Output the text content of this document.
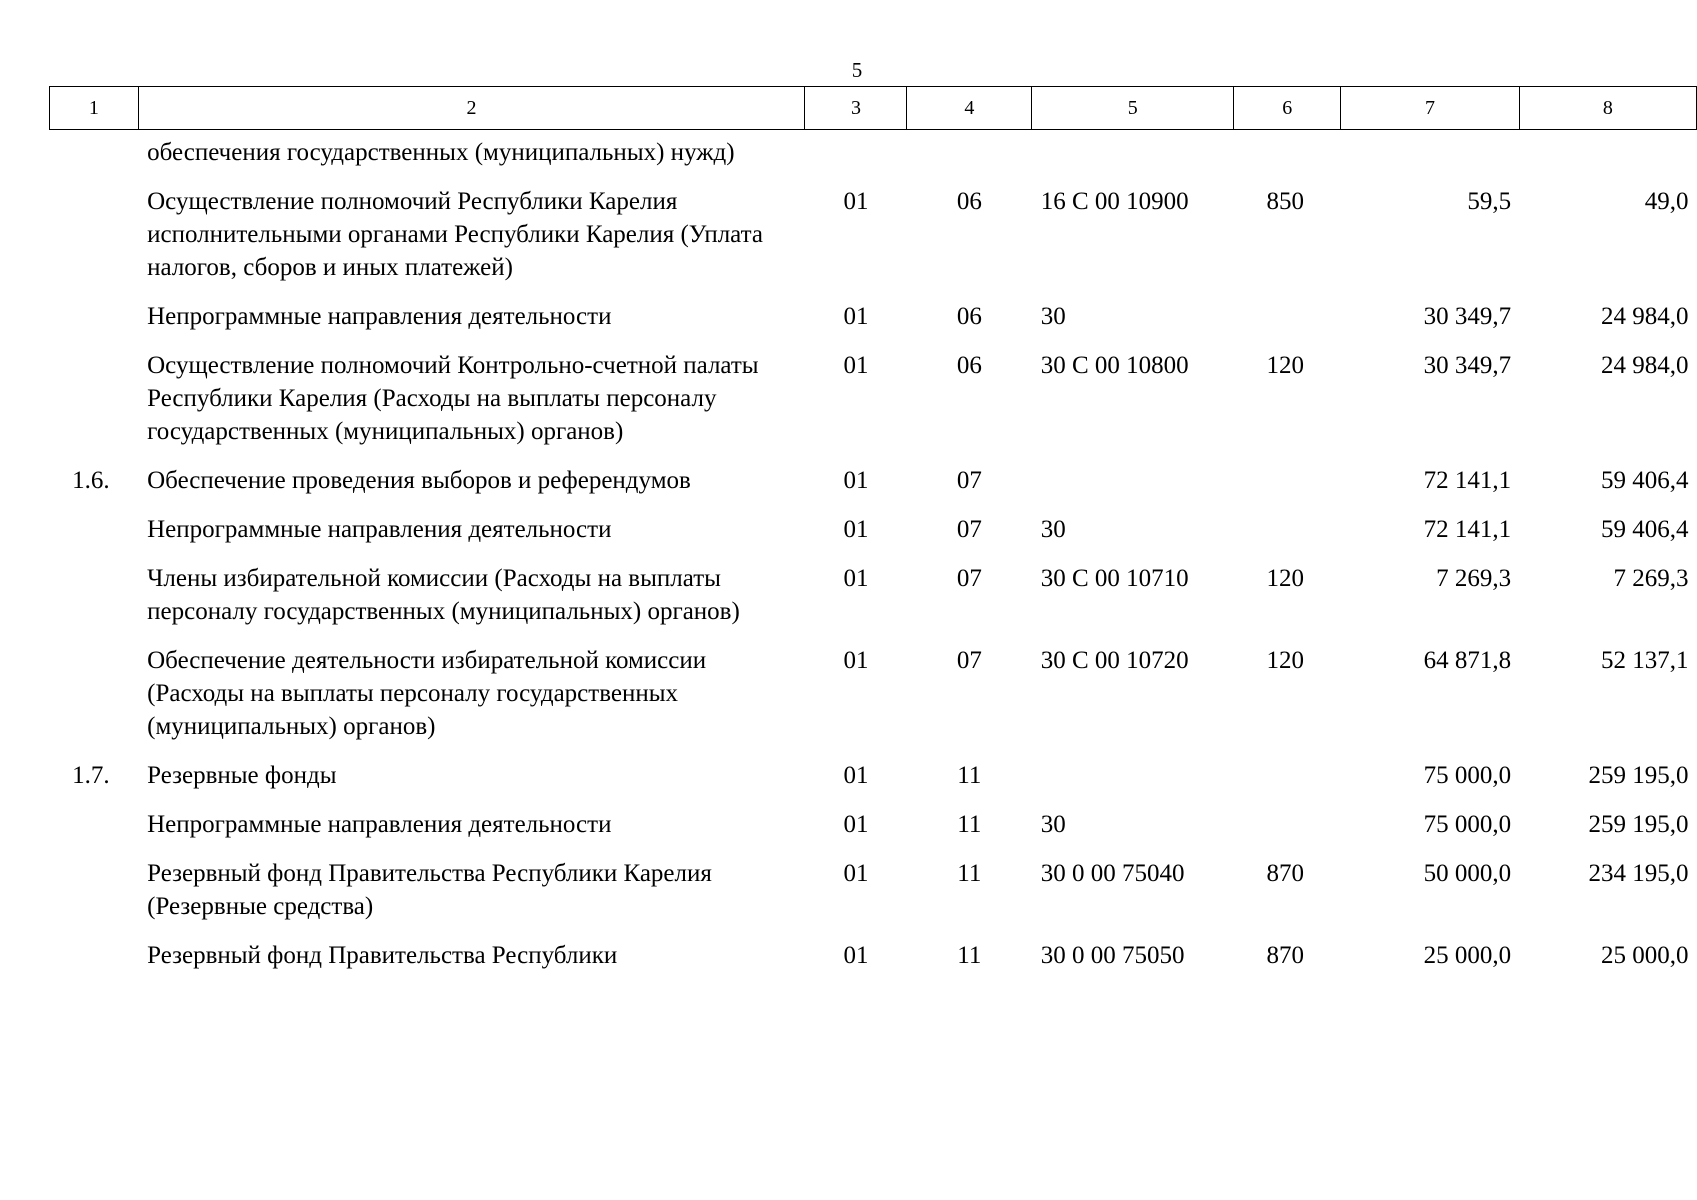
5
1	2	3	4	5	6	7	8
	обеспечения государственных (муниципальных) нужд)						
	Осуществление полномочий Республики Карелия исполнительными органами Республики Карелия (Уплата налогов, сборов и иных платежей)	01	06	16 С 00 10900	850	59,5	49,0
	Непрограммные направления деятельности	01	06	30		30 349,7	24 984,0
	Осуществление полномочий Контрольно-счетной палаты Республики Карелия (Расходы на выплаты персоналу государственных (муниципальных) органов)	01	06	30 С 00 10800	120	30 349,7	24 984,0
1.6.	Обеспечение проведения выборов и референдумов	01	07			72 141,1	59 406,4
	Непрограммные направления деятельности	01	07	30		72 141,1	59 406,4
	Члены избирательной комиссии (Расходы на выплаты персоналу государственных (муниципальных) органов)	01	07	30 С 00 10710	120	7 269,3	7 269,3
	Обеспечение деятельности избирательной комиссии (Расходы на выплаты персоналу государственных (муниципальных) органов)	01	07	30 С 00 10720	120	64 871,8	52 137,1
1.7.	Резервные фонды	01	11			75 000,0	259 195,0
	Непрограммные направления деятельности	01	11	30		75 000,0	259 195,0
	Резервный фонд Правительства Республики Карелия (Резервные средства)	01	11	30 0 00 75040	870	50 000,0	234 195,0
	Резервный фонд Правительства Республики	01	11	30 0 00 75050	870	25 000,0	25 000,0
